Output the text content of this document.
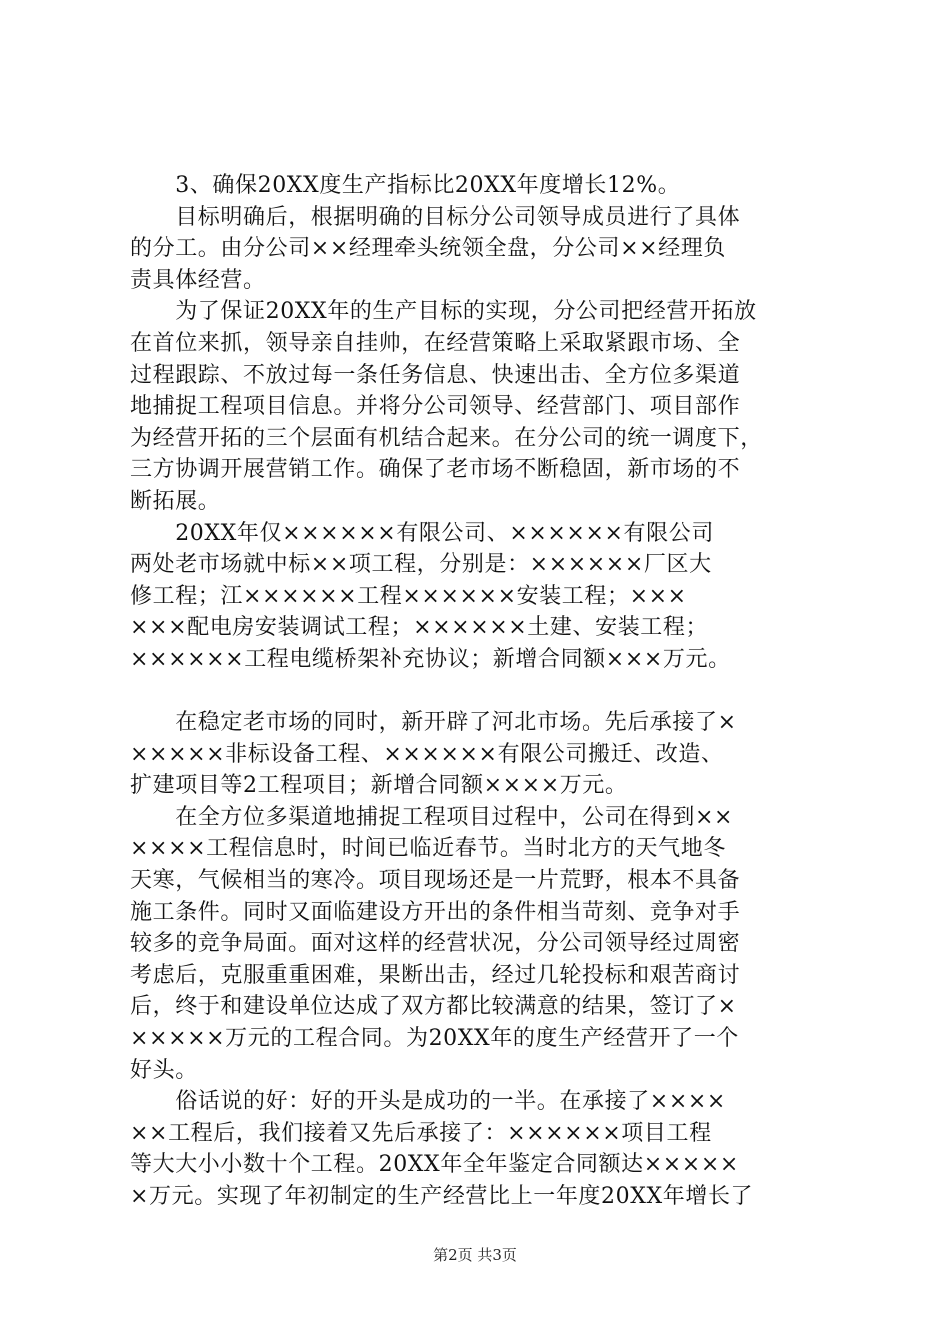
　　3、确保20XX度生产指标比20XX年度增长12%。
　　目标明确后，根据明确的目标分公司领导成员进行了具体
的分工。由分公司××经理牵头统领全盘，分公司××经理负
责具体经营。
　　为了保证20XX年的生产目标的实现，分公司把经营开拓放
在首位来抓，领导亲自挂帅，在经营策略上采取紧跟市场、全
过程跟踪、不放过每一条任务信息、快速出击、全方位多渠道
地捕捉工程项目信息。并将分公司领导、经营部门、项目部作
为经营开拓的三个层面有机结合起来。在分公司的统一调度下，
三方协调开展营销工作。确保了老市场不断稳固，新市场的不
断拓展。
　　20XX年仅××××××有限公司、××××××有限公司
两处老市场就中标××项工程，分别是：××××××厂区大
修工程；江××××××工程××××××安装工程；×××
×××配电房安装调试工程；××××××土建、安装工程；
××××××工程电缆桥架补充协议；新增合同额×××万元。
　　在稳定老市场的同时，新开辟了河北市场。先后承接了×
×××××非标设备工程、××××××有限公司搬迁、改造、
扩建项目等2工程项目；新增合同额××××万元。
　　在全方位多渠道地捕捉工程项目过程中，公司在得到××
××××工程信息时，时间已临近春节。当时北方的天气地冬
天寒，气候相当的寒冷。项目现场还是一片荒野，根本不具备
施工条件。同时又面临建设方开出的条件相当苛刻、竞争对手
较多的竞争局面。面对这样的经营状况，分公司领导经过周密
考虑后，克服重重困难，果断出击，经过几轮投标和艰苦商讨
后，终于和建设单位达成了双方都比较满意的结果，签订了×
×××××万元的工程合同。为20XX年的度生产经营开了一个
好头。
　　俗话说的好：好的开头是成功的一半。在承接了××××
××工程后，我们接着又先后承接了：××××××项目工程
等大大小小数十个工程。20XX年全年鉴定合同额达×××××
×万元。实现了年初制定的生产经营比上一年度20XX年增长了
第2页 共3页
